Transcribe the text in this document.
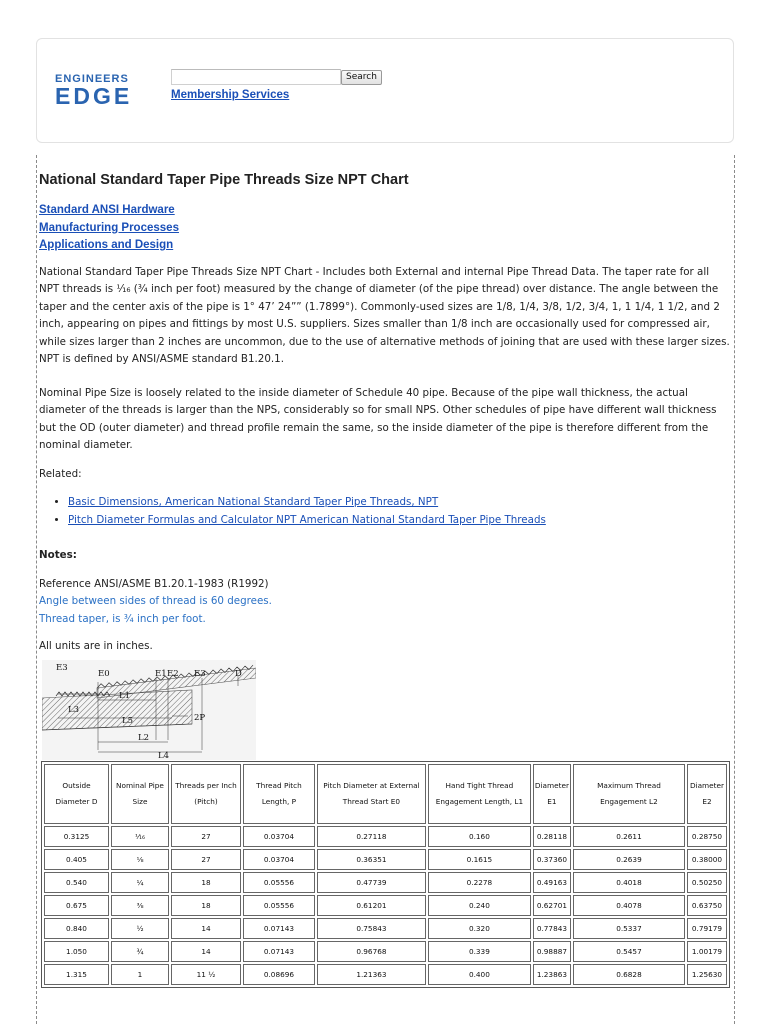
ENGINEERS
EDGE
Search
Membership Services
National Standard Taper Pipe Threads Size NPT Chart
Standard ANSI Hardware
Manufacturing Processes
Applications and Design

National Standard Taper Pipe Threads Size NPT Chart - Includes both External and internal Pipe Thread Data. The taper rate for all NPT threads is ¹⁄₁₆ (¾ inch per foot) measured by the change of diameter (of the pipe thread) over distance. The angle between the taper and the center axis of the pipe is 1° 47’ 24”” (1.7899°). Commonly-used sizes are 1/8, 1/4, 3/8, 1/2, 3/4, 1, 1 1/4, 1 1/2, and 2 inch, appearing on pipes and fittings by most U.S. suppliers. Sizes smaller than 1/8 inch are occasionally used for compressed air, while sizes larger than 2 inches are uncommon, due to the use of alternative methods of joining that are used with these larger sizes. NPT is defined by ANSI/ASME standard B1.20.1.

Nominal Pipe Size is loosely related to the inside diameter of Schedule 40 pipe. Because of the pipe wall thickness, the actual diameter of the threads is larger than the NPS, considerably so for small NPS. Other schedules of pipe have different wall thickness but the OD (outer diameter) and thread profile remain the same, so the inside diameter of the pipe is therefore different from the nominal diameter.

Related:

• Basic Dimensions, American National Standard Taper Pipe Threads, NPT
• Pitch Diameter Formulas and Calculator NPT American National Standard Taper Pipe Threads

Notes:

Reference ANSI/ASME B1.20.1-1983 (R1992)

Angle between sides of thread is 60 degrees.

Thread taper, is ¾ inch per foot.

All units are in inches.

E3
E0	E1 E2 E3	D
L1
L3
L5	2P
L2
L4
Outside Diameter D	Nominal Pipe Size	Threads per Inch (Pitch)	Thread Pitch Length, P	Pitch Diameter at External Thread Start E0	Hand Tight Thread Engagement Length, L1	Diameter E1	Maximum Thread Engagement L2	Diameter E2
0.3125	¹⁄₁₆	27	0.03704	0.27118	0.160	0.28118	0.2611	0.28750
0.405	⅛	27	0.03704	0.36351	0.1615	0.37360	0.2639	0.38000
0.540	¼	18	0.05556	0.47739	0.2278	0.49163	0.4018	0.50250
0.675	⅜	18	0.05556	0.61201	0.240	0.62701	0.4078	0.63750
0.840	½	14	0.07143	0.75843	0.320	0.77843	0.5337	0.79179
1.050	¾	14	0.07143	0.96768	0.339	0.98887	0.5457	1.00179
1.315	1	11 ½	0.08696	1.21363	0.400	1.23863	0.6828	1.25630
